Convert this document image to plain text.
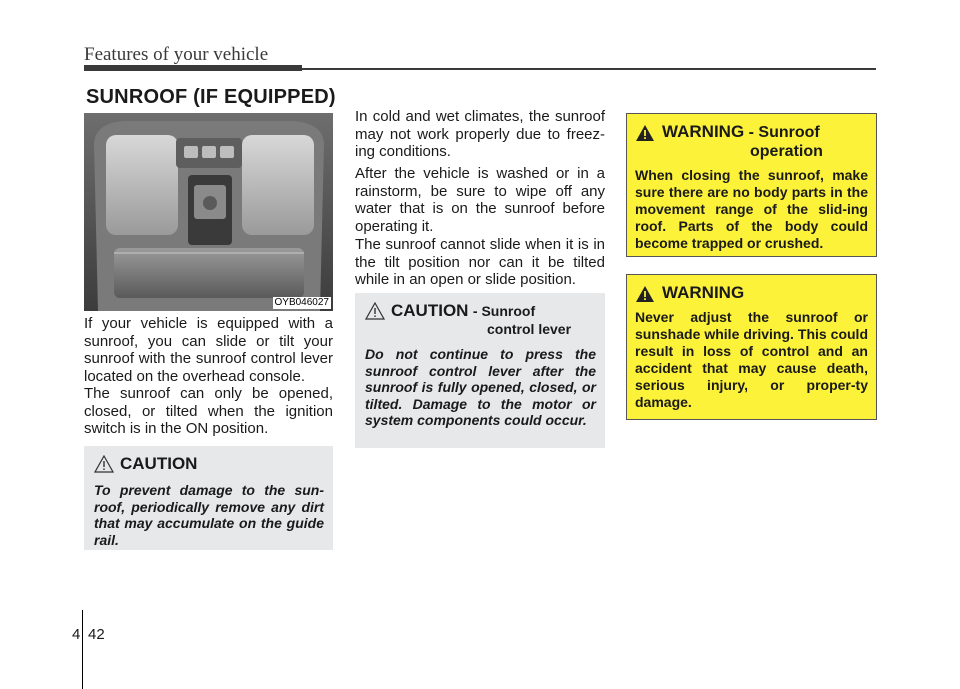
Features of your vehicle
SUNROOF (IF EQUIPPED)
OYB046027

If your vehicle is equipped with a sunroof, you can slide or tilt your sunroof with the sunroof control lever located on the overhead console.

The sunroof can only be opened, closed, or tilted when the ignition switch is in the ON position.

CAUTION
To prevent damage to the sun-roof, periodically remove any dirt that may accumulate on the guide rail.

In cold and wet climates, the sunroof may not work properly due to freez-ing conditions.

After the vehicle is washed or in a rainstorm, be sure to wipe off any water that is on the sunroof before operating it.

The sunroof cannot slide when it is in the tilt position nor can it be tilted while in an open or slide position.

CAUTION - Sunroof
control lever
Do not continue to press the sunroof control lever after the sunroof is fully opened, closed, or tilted. Damage to the motor or system components could occur.
WARNING - Sunroof
operation
When closing the sunroof, make sure there are no body parts in the movement range of the slid-ing roof. Parts of the body could become trapped or crushed.
WARNING
Never adjust the sunroof or sunshade while driving. This could result in loss of control and an accident that may cause death, serious injury, or proper-ty damage.
4 42
